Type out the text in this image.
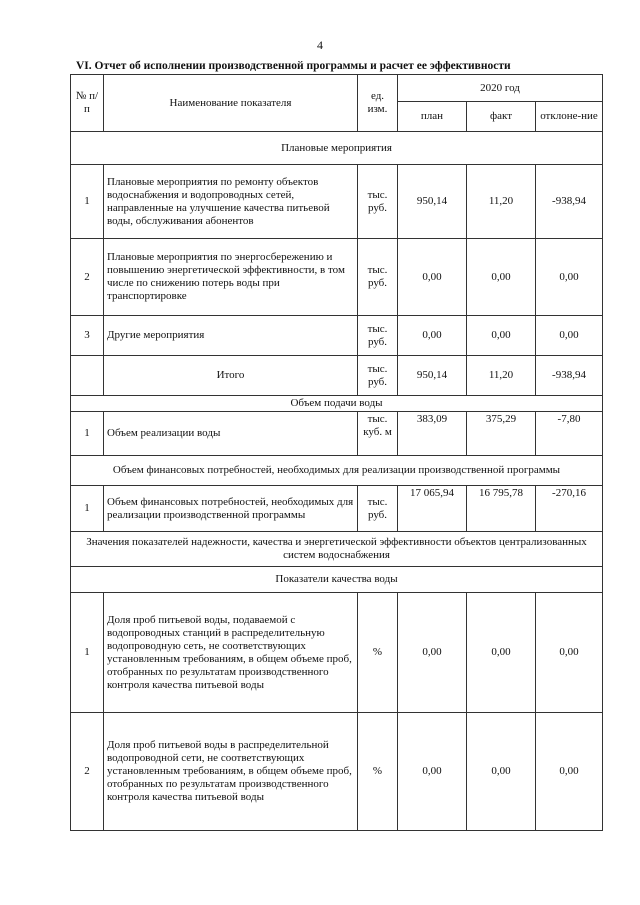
4
VI. Отчет об исполнении производственной программы и расчет ее эффективности
№ п/п	Наименование показателя	ед. изм.	2020 год		
			план	факт	отклоне-ние
Плановые мероприятия					
1	Плановые мероприятия по ремонту объектов водоснабжения и водопроводных сетей, направленные на улучшение качества питьевой воды, обслуживания абонентов	тыс. руб.	950,14	11,20	-938,94
2	Плановые мероприятия по энергосбережению и повышению энергетической эффективности, в том числе по снижению потерь воды при транспортировке	тыс. руб.	0,00	0,00	0,00
3	Другие мероприятия	тыс. руб.	0,00	0,00	0,00
	Итого	тыс. руб.	950,14	11,20	-938,94
Объем подачи воды					
1	Объем реализации воды	тыс. куб. м	383,09	375,29	-7,80
Объем финансовых потребностей, необходимых для реализации производственной программы					
1	Объем финансовых потребностей, необходимых для реализации производственной программы	тыс. руб.	17 065,94	16 795,78	-270,16
Значения показателей надежности, качества и энергетической эффективности объектов централизованных систем водоснабжения					
Показатели качества воды					
1	Доля проб питьевой воды, подаваемой с водопроводных станций в распределительную водопроводную сеть, не соответствующих установленным требованиям, в общем объеме проб, отобранных по результатам производственного контроля качества питьевой воды	%	0,00	0,00	0,00
2	Доля проб питьевой воды в распределительной водопроводной сети, не соответствующих установленным требованиям, в общем объеме проб, отобранных по результатам производственного контроля качества питьевой воды	%	0,00	0,00	0,00
